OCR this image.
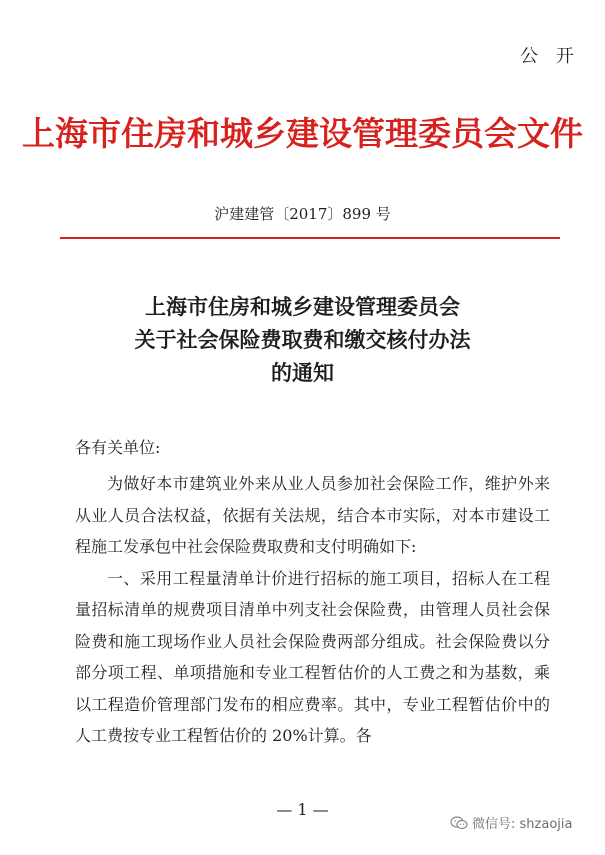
公 开
上海市住房和城乡建设管理委员会文件
沪建建管〔2017〕899 号
上海市住房和城乡建设管理委员会
关于社会保险费取费和缴交核付办法
的通知
各有关单位:

为做好本市建筑业外来从业人员参加社会保险工作，维护外来从业人员合法权益，依据有关法规，结合本市实际，对本市建设工程施工发承包中社会保险费取费和支付明确如下:

一、采用工程量清单计价进行招标的施工项目，招标人在工程量招标清单的规费项目清单中列支社会保险费，由管理人员社会保险费和施工现场作业人员社会保险费两部分组成。社会保险费以分部分项工程、单项措施和专业工程暂估价的人工费之和为基数，乘以工程造价管理部门发布的相应费率。其中，专业工程暂估价中的人工费按专业工程暂估价的 20%计算。各

— 1 —
微信号: shzaojia
